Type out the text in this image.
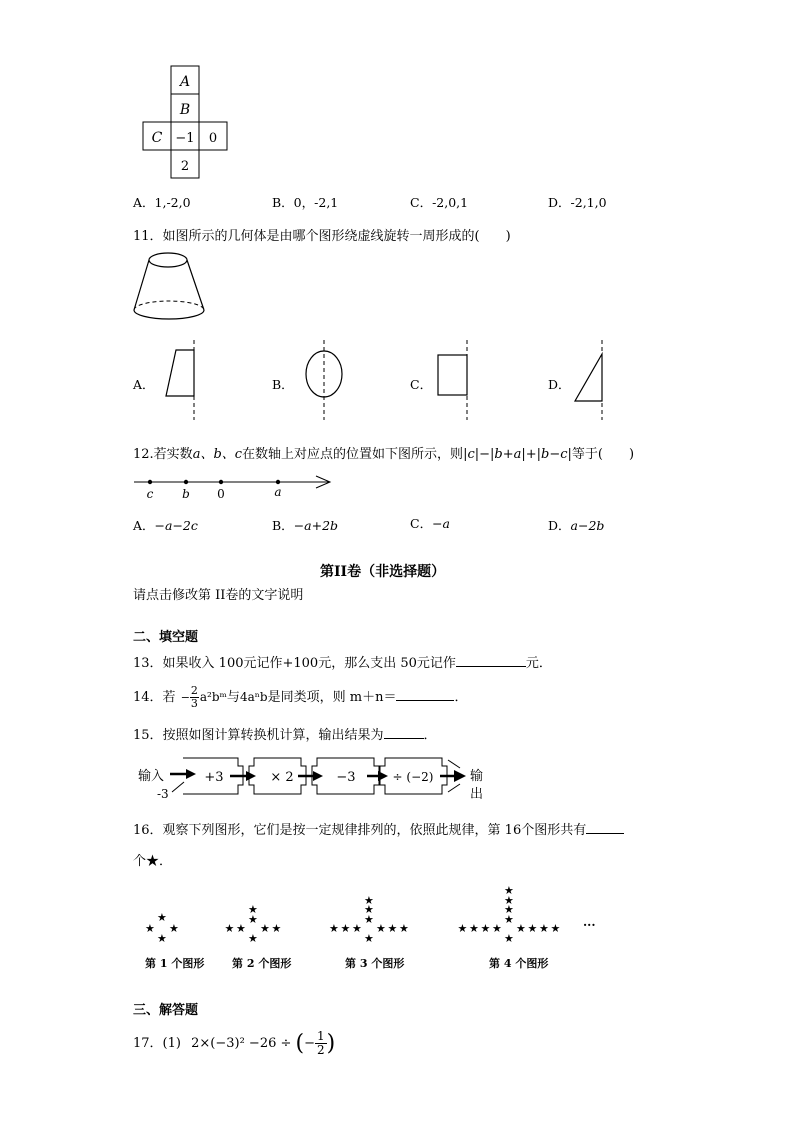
A
B
C −1 0
2
A．1,-2,0	B．0，-2,1	C．-2,0,1	D．-2,1,0
11．如图所示的几何体是由哪个图形绕虚线旋转一周形成的(　　)
A．	B．	C．	D．
12.若实数a、b、c在数轴上对应点的位置如下图所示，则|c|−|b+a|+|b−c|等于(　　)
c b 0	a
A．−a−2c	B．−a+2b	C．−a	D．a−2b
第II卷（非选择题）
请点击修改第 II卷的文字说明
二、填空题
13．如果收入 100元记作+100元，那么支出 50元记作	元．
14．若 − $\frac{2}{3}$ a²bᵐ与4aⁿb是同类项，则 m＋n＝	．
15．按照如图计算转换机计算，输出结果为	．
输入
-3
+3	× 2	−3	÷ (−2)	输
出
16．观察下列图形，它们是按一定规律排列的，依照此规律，第 16个图形共有
个★．
★ ★
★
★
★ ★
★	★
★
★
★
★ ★
★	★
★	★
★
★
★
★
★ ★
★	★
★	★
★	★
★
★
★
★
★
第 1 个图形	第 2 个图形	第 3 个图形	第 4 个图形
···
三、解答题
17．(1) 2×(−3)² −26 ÷ (− $\frac{1}{2}$ )
